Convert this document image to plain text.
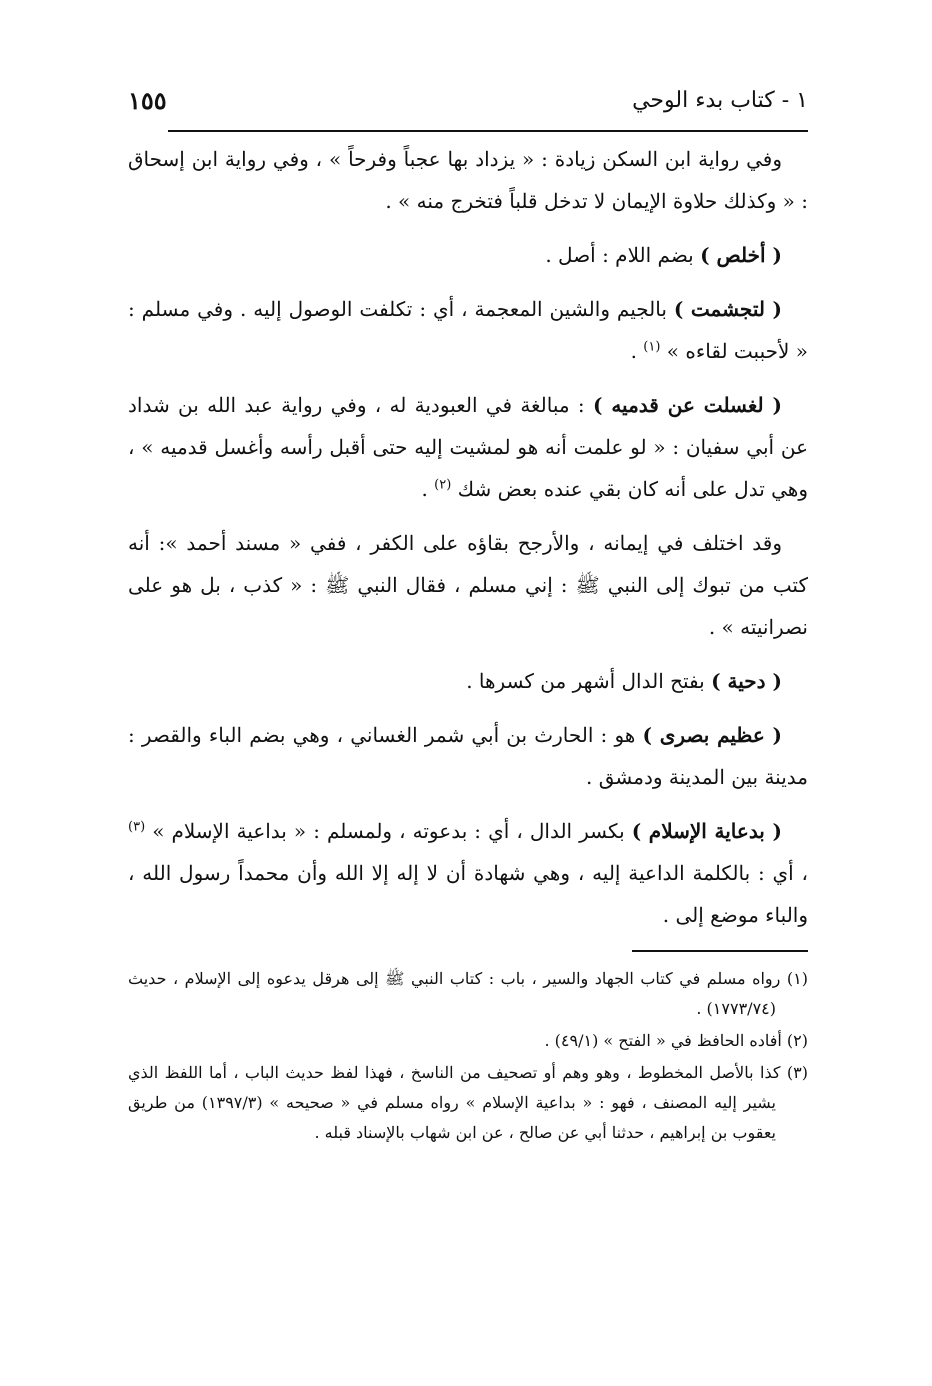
١ - كتاب بدء الوحي
١٥٥

وفي رواية ابن السكن زيادة : « يزداد بها عجباً وفرحاً » ، وفي رواية ابن إسحاق : « وكذلك حلاوة الإيمان لا تدخل قلباً فتخرج منه » .

( أخلص ) بضم اللام : أصل .

( لتجشمت ) بالجيم والشين المعجمة ، أي : تكلفت الوصول إليه . وفي مسلم : « لأحببت لقاءه » $^{(١)}$ .

( لغسلت عن قدميه ) : مبالغة في العبودية له ، وفي رواية عبد الله بن شداد عن أبي سفيان : « لو علمت أنه هو لمشيت إليه حتى أقبل رأسه وأغسل قدميه » ، وهي تدل على أنه كان بقي عنده بعض شك $^{(٢)}$ .

وقد اختلف في إيمانه ، والأرجح بقاؤه على الكفر ، ففي « مسند أحمد »: أنه كتب من تبوك إلى النبي ﷺ : إني مسلم ، فقال النبي ﷺ : « كذب ، بل هو على نصرانيته » .

( دحية ) بفتح الدال أشهر من كسرها .

( عظيم بصرى ) هو : الحارث بن أبي شمر الغساني ، وهي بضم الباء والقصر : مدينة بين المدينة ودمشق .

( بدعاية الإسلام ) بكسر الدال ، أي : بدعوته ، ولمسلم : « بداعية الإسلام » $^{(٣)}$ ، أي : بالكلمة الداعية إليه ، وهي شهادة أن لا إله إلا الله وأن محمداً رسول الله ، والباء موضع إلى .

(١) رواه مسلم في كتاب الجهاد والسير ، باب : كتاب النبي ﷺ إلى هرقل يدعوه إلى الإسلام ، حديث (١٧٧٣/٧٤) .

(٢) أفاده الحافظ في « الفتح » (٤٩/١) .

(٣) كذا بالأصل المخطوط ، وهو وهم أو تصحيف من الناسخ ، فهذا لفظ حديث الباب ، أما اللفظ الذي يشير إليه المصنف ، فهو : « بداعية الإسلام » رواه مسلم في « صحيحه » (١٣٩٧/٣) من طريق يعقوب بن إبراهيم ، حدثنا أبي عن صالح ، عن ابن شهاب بالإسناد قبله .
